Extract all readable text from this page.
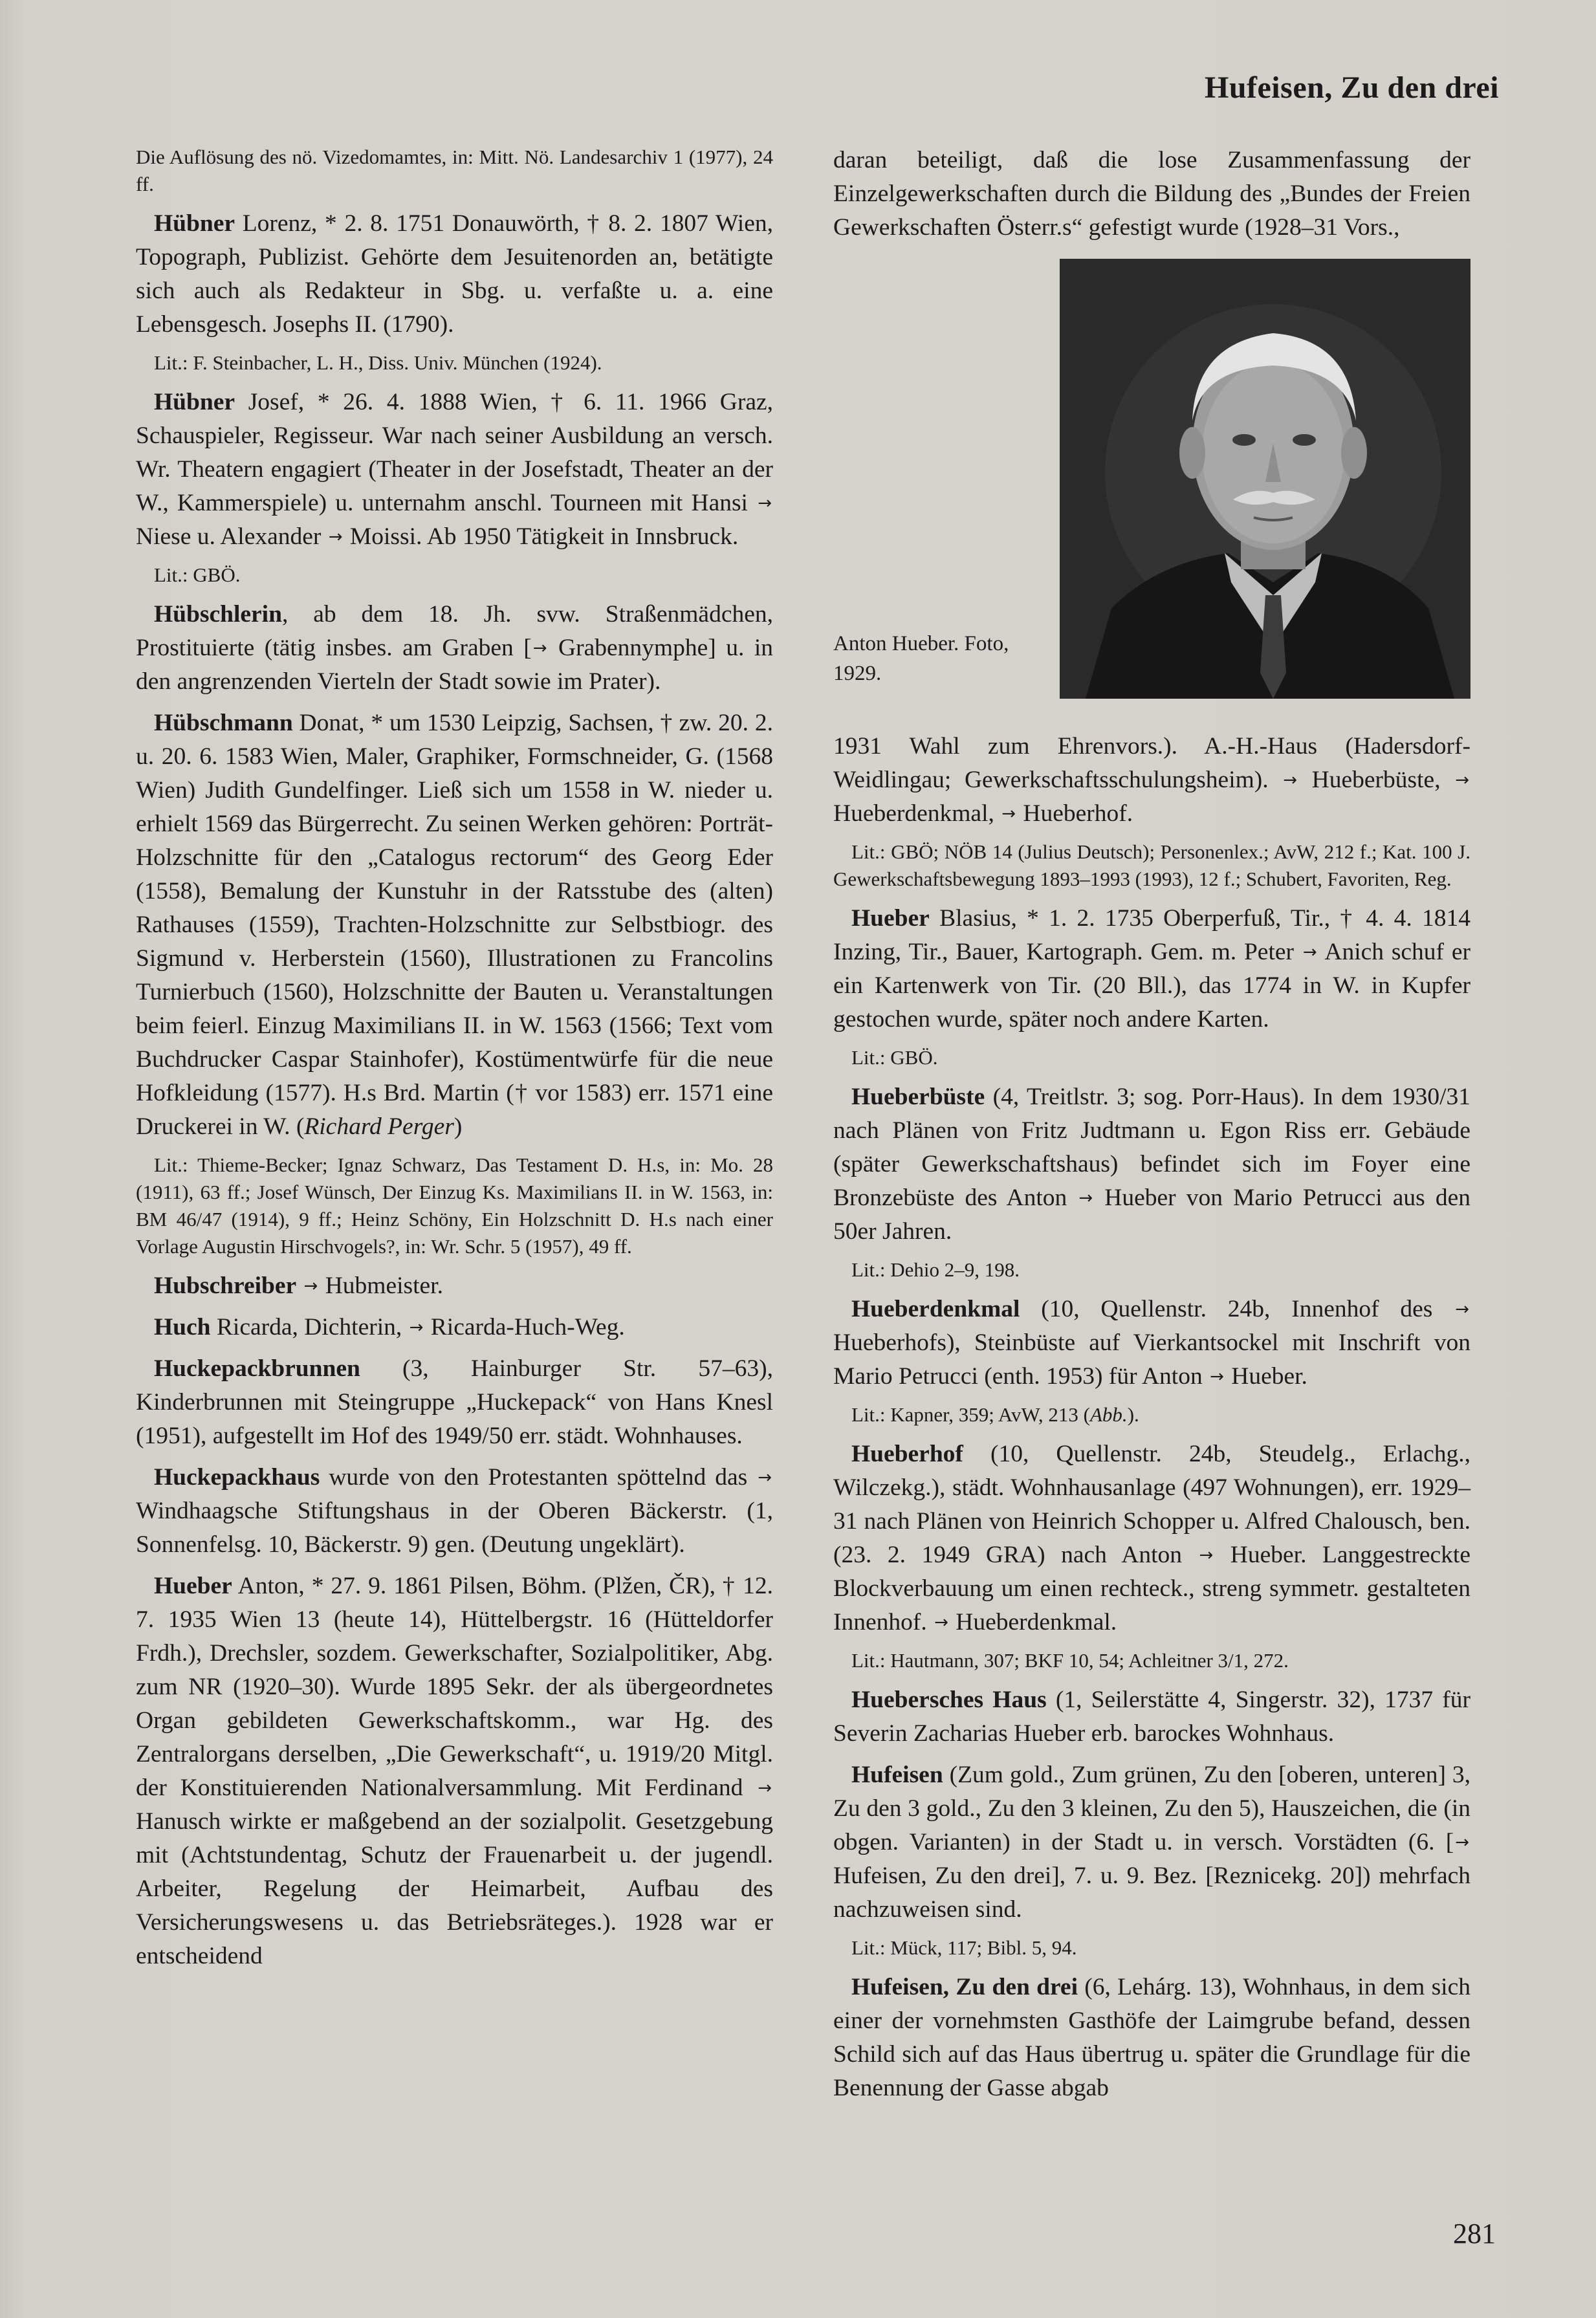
Hufeisen, Zu den drei

Die Auflösung des nö. Vizedomamtes, in: Mitt. Nö. Landesarchiv 1 (1977), 24 ff.

Hübner Lorenz, * 2. 8. 1751 Donauwörth, † 8. 2. 1807 Wien, Topograph, Publizist. Gehörte dem Jesuitenorden an, betätigte sich auch als Redakteur in Sbg. u. verfaßte u. a. eine Lebensgesch. Josephs II. (1790).

Lit.: F. Steinbacher, L. H., Diss. Univ. München (1924).

Hübner Josef, * 26. 4. 1888 Wien, † 6. 11. 1966 Graz, Schauspieler, Regisseur. War nach seiner Ausbildung an versch. Wr. Theatern engagiert (Theater in der Josefstadt, Theater an der W., Kammerspiele) u. unternahm anschl. Tourneen mit Hansi → Niese u. Alexander → Moissi. Ab 1950 Tätigkeit in Innsbruck.

Lit.: GBÖ.

Hübschlerin, ab dem 18. Jh. svw. Straßenmädchen, Prostituierte (tätig insbes. am Graben [→ Grabennymphe] u. in den angrenzenden Vierteln der Stadt sowie im Prater).

Hübschmann Donat, * um 1530 Leipzig, Sachsen, † zw. 20. 2. u. 20. 6. 1583 Wien, Maler, Graphiker, Formschneider, G. (1568 Wien) Judith Gundelfinger. Ließ sich um 1558 in W. nieder u. erhielt 1569 das Bürgerrecht. Zu seinen Werken gehören: Porträt-Holzschnitte für den „Catalogus rectorum“ des Georg Eder (1558), Bemalung der Kunstuhr in der Ratsstube des (alten) Rathauses (1559), Trachten-Holzschnitte zur Selbstbiogr. des Sigmund v. Herberstein (1560), Illustrationen zu Francolins Turnierbuch (1560), Holzschnitte der Bauten u. Veranstaltungen beim feierl. Einzug Maximilians II. in W. 1563 (1566; Text vom Buchdrucker Caspar Stainhofer), Kostümentwürfe für die neue Hofkleidung (1577). H.s Brd. Martin († vor 1583) err. 1571 eine Druckerei in W. (Richard Perger)

Lit.: Thieme-Becker; Ignaz Schwarz, Das Testament D. H.s, in: Mo. 28 (1911), 63 ff.; Josef Wünsch, Der Einzug Ks. Maximilians II. in W. 1563, in: BM 46/47 (1914), 9 ff.; Heinz Schöny, Ein Holzschnitt D. H.s nach einer Vorlage Augustin Hirschvogels?, in: Wr. Schr. 5 (1957), 49 ff.

Hubschreiber → Hubmeister.

Huch Ricarda, Dichterin, → Ricarda-Huch-Weg.

Huckepackbrunnen (3, Hainburger Str. 57–63), Kinderbrunnen mit Steingruppe „Huckepack“ von Hans Knesl (1951), aufgestellt im Hof des 1949/50 err. städt. Wohnhauses.

Huckepackhaus wurde von den Protestanten spöttelnd das → Windhaagsche Stiftungshaus in der Oberen Bäckerstr. (1, Sonnenfelsg. 10, Bäckerstr. 9) gen. (Deutung ungeklärt).

Hueber Anton, * 27. 9. 1861 Pilsen, Böhm. (Plžen, ČR), † 12. 7. 1935 Wien 13 (heute 14), Hüttelbergstr. 16 (Hütteldorfer Frdh.), Drechsler, sozdem. Gewerkschafter, Sozialpolitiker, Abg. zum NR (1920–30). Wurde 1895 Sekr. der als übergeordnetes Organ gebildeten Gewerkschaftskomm., war Hg. des Zentralorgans derselben, „Die Gewerkschaft“, u. 1919/20 Mitgl. der Konstituierenden Nationalversammlung. Mit Ferdinand → Hanusch wirkte er maßgebend an der sozialpolit. Gesetzgebung mit (Achtstundentag, Schutz der Frauenarbeit u. der jugendl. Arbeiter, Regelung der Heimarbeit, Aufbau des Versicherungswesens u. das Betriebsräteges.). 1928 war er entscheidend

daran beteiligt, daß die lose Zusammenfassung der Einzelgewerkschaften durch die Bildung des „Bundes der Freien Gewerkschaften Österr.s“ gefestigt wurde (1928–31 Vors.,

Anton Hueber. Foto, 1929.

1931 Wahl zum Ehrenvors.). A.-H.-Haus (Hadersdorf-Weidlingau; Gewerkschaftsschulungsheim). → Hueberbüste, → Hueberdenkmal, → Hueberhof.

Lit.: GBÖ; NÖB 14 (Julius Deutsch); Personenlex.; AvW, 212 f.; Kat. 100 J. Gewerkschaftsbewegung 1893–1993 (1993), 12 f.; Schubert, Favoriten, Reg.

Hueber Blasius, * 1. 2. 1735 Oberperfuß, Tir., † 4. 4. 1814 Inzing, Tir., Bauer, Kartograph. Gem. m. Peter → Anich schuf er ein Kartenwerk von Tir. (20 Bll.), das 1774 in W. in Kupfer gestochen wurde, später noch andere Karten.

Lit.: GBÖ.

Hueberbüste (4, Treitlstr. 3; sog. Porr-Haus). In dem 1930/31 nach Plänen von Fritz Judtmann u. Egon Riss err. Gebäude (später Gewerkschaftshaus) befindet sich im Foyer eine Bronzebüste des Anton → Hueber von Mario Petrucci aus den 50er Jahren.

Lit.: Dehio 2–9, 198.

Hueberdenkmal (10, Quellenstr. 24b, Innenhof des → Hueberhofs), Steinbüste auf Vierkantsockel mit Inschrift von Mario Petrucci (enth. 1953) für Anton → Hueber.

Lit.: Kapner, 359; AvW, 213 (Abb.).

Hueberhof (10, Quellenstr. 24b, Steudelg., Erlachg., Wilczekg.), städt. Wohnhausanlage (497 Wohnungen), err. 1929–31 nach Plänen von Heinrich Schopper u. Alfred Chalousch, ben. (23. 2. 1949 GRA) nach Anton → Hueber. Langgestreckte Blockverbauung um einen rechteck., streng symmetr. gestalteten Innenhof. → Hueberdenkmal.

Lit.: Hautmann, 307; BKF 10, 54; Achleitner 3/1, 272.

Huebersches Haus (1, Seilerstätte 4, Singerstr. 32), 1737 für Severin Zacharias Hueber erb. barockes Wohnhaus.

Hufeisen (Zum gold., Zum grünen, Zu den [oberen, unteren] 3, Zu den 3 gold., Zu den 3 kleinen, Zu den 5), Hauszeichen, die (in obgen. Varianten) in der Stadt u. in versch. Vorstädten (6. [→ Hufeisen, Zu den drei], 7. u. 9. Bez. [Reznicekg. 20]) mehrfach nachzuweisen sind.

Lit.: Mück, 117; Bibl. 5, 94.

Hufeisen, Zu den drei (6, Lehárg. 13), Wohnhaus, in dem sich einer der vornehmsten Gasthöfe der Laimgrube befand, dessen Schild sich auf das Haus übertrug u. später die Grundlage für die Benennung der Gasse abgab

281
